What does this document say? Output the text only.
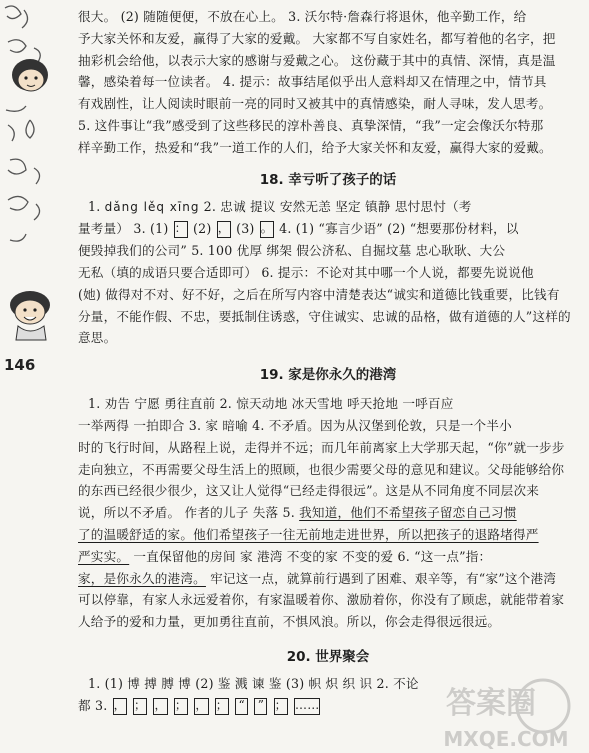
146

很大。 (2) 随随便便，不放在心上。 3. 沃尔特·詹森行将退休，他辛勤工作，给

予大家关怀和友爱，赢得了大家的爱戴。 大家都不写自家姓名，都写着他的名字，把

抽彩机会给他，以表示大家的感谢与爱戴之心。 这份藏于其中的真情、深情，真是温

馨，感染着每一位读者。 4. 提示：故事结尾似乎出人意料却又在情理之中，情节具

有戏剧性，让人阅读时眼前一亮的同时又被其中的真情感染，耐人寻味，发人思考。

5. 这件事让“我”感受到了这些移民的淳朴善良、真挚深情，“我”一定会像沃尔特那

样辛勤工作，热爱和“我”一道工作的人们，给予大家关怀和友爱，赢得大家的爱戴。

18. 幸亏听了孩子的话

1. dǎng lěq xīng 2. 忠诚 提议 安然无恙 坚定 镇静 思忖思忖（考

量考量） 3. (1) ： (2) ， (3) 。 4. (1) “寡言少语” (2) “想要那份材料，以

便毁掉我们的公司” 5. 100 优厚 绑架 假公济私、自掘坟墓 忠心耿耿、大公

无私（填的成语只要合适即可） 6. 提示：不论对其中哪一个人说，都要先说说他

(她) 做得对不对、好不好，之后在所写内容中清楚表达“诚实和道德比钱重要，比钱有

分量，不能作假、不忠，要抵制住诱惑，守住诚实、忠诚的品格，做有道德的人”这样的

意思。

19. 家是你永久的港湾

1. 劝告 宁愿 勇往直前 2. 惊天动地 冰天雪地 呼天抢地 一呼百应

一举两得 一拍即合 3. 家 暗喻 4. 不矛盾。因为从汉堡到伦敦，只是一个半小

时的飞行时间，从路程上说，走得并不远；而几年前离家上大学那天起，“你”就一步步

走向独立，不再需要父母生活上的照顾，也很少需要父母的意见和建议。父母能够给你

的东西已经很少很少，这又让人觉得“已经走得很远”。这是从不同角度不同层次来

说，所以不矛盾。 作者的儿子 失落 5. 我知道，他们不希望孩子留恋自己习惯

了的温暖舒适的家。他们希望孩子一往无前地走进世界，所以把孩子的退路堵得严

严实实。 一直保留他的房间 家 港湾 不变的家 不变的爱 6. “这一点”指：

家，是你永久的港湾。 牢记这一点，就算前行遇到了困难、艰辛等，有“家”这个港湾

可以停靠，有家人永远爱着你，有家温暖着你、激励着你，你没有了顾虑，就能带着家

人给予的爱和力量，更加勇往直前，不惧风浪。所以，你会走得很远很远。

20. 世界聚会

1. (1) 博 搏 膊 博 (2) 鉴 溅 谏 鉴 (3) 帜 炽 织 识 2. 不论

都 3. ， ； ， ； ， ； “ ” ； ……	答案圈
MXQE.COM
